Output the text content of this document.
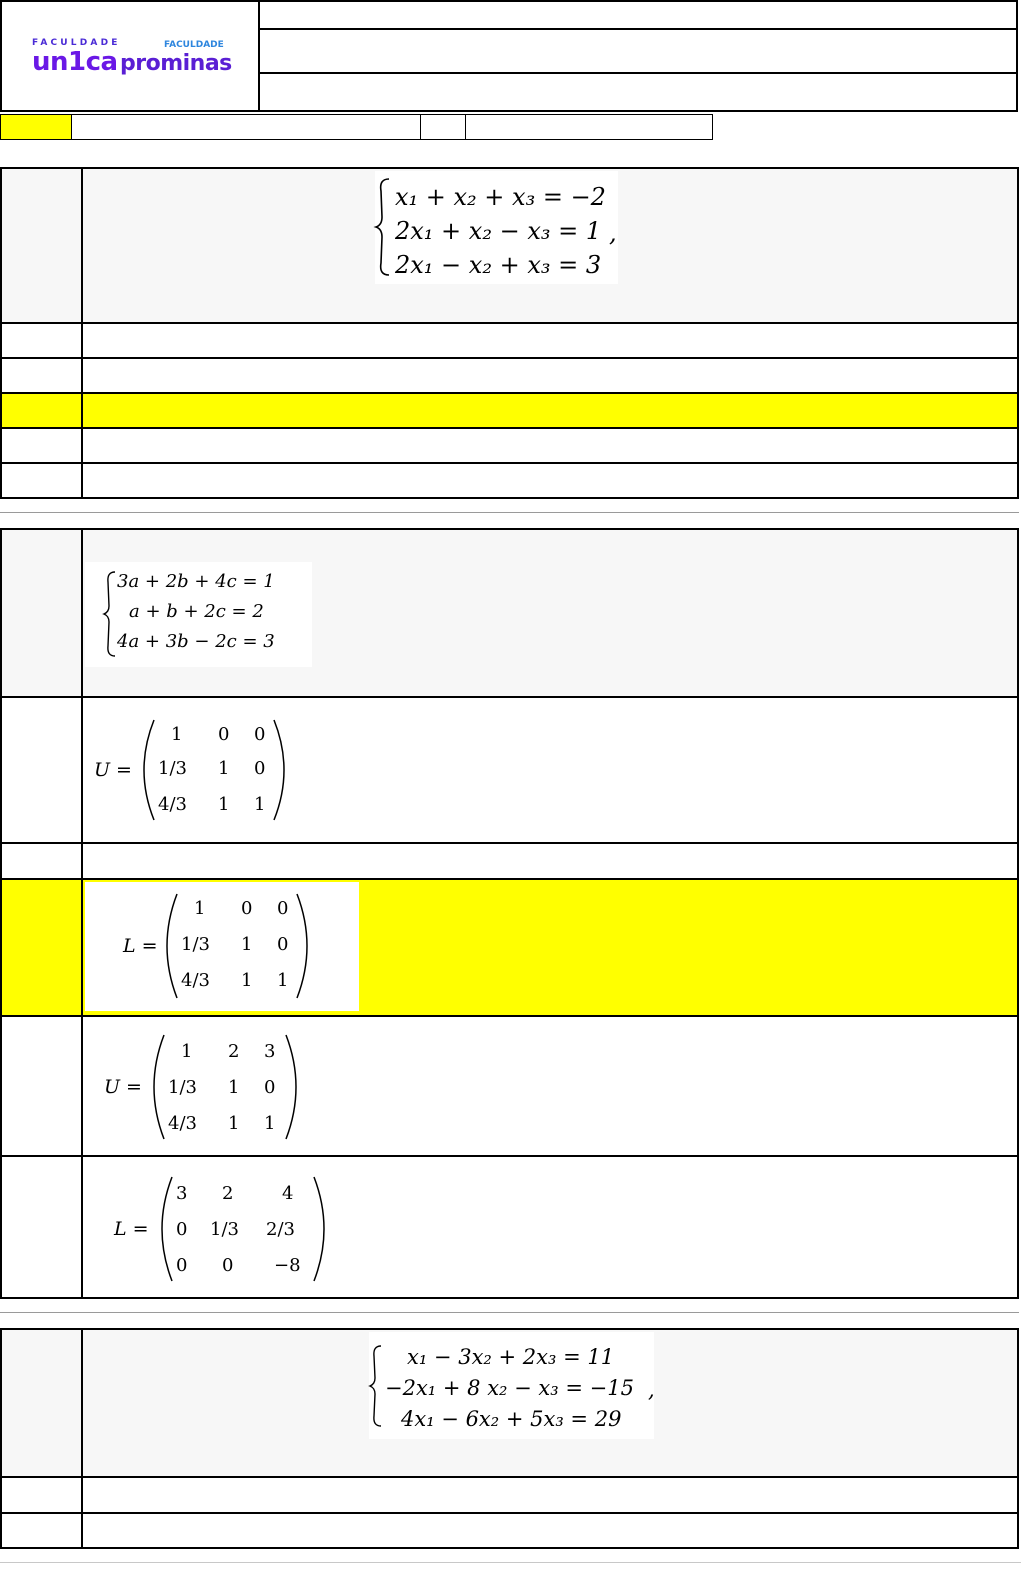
FACULDADE	FACULDADE
un1ca prominas
x₁ + x₂ + x₃ = −2
2x₁ + x₂ − x₃ = 1
2x₁ − x₂ + x₃ = 3
,
3a + 2b + 4c = 1
a + b + 2c = 2
4a + 3b − 2c = 3
U =
1 0 0
1/3 1 0
4/3 1 1
L =
1 0 0
1/3 1 0
4/3 1 1
U =
1 2 3
1/3 1 0
4/3 1 1
L =
3 2	4
0 1/3 2/3
0 0 −8
x₁ − 3x₂ + 2x₃ = 11
−2x₁ + 8 x₂ − x₃ = −15
4x₁ − 6x₂ + 5x₃ = 29
,
